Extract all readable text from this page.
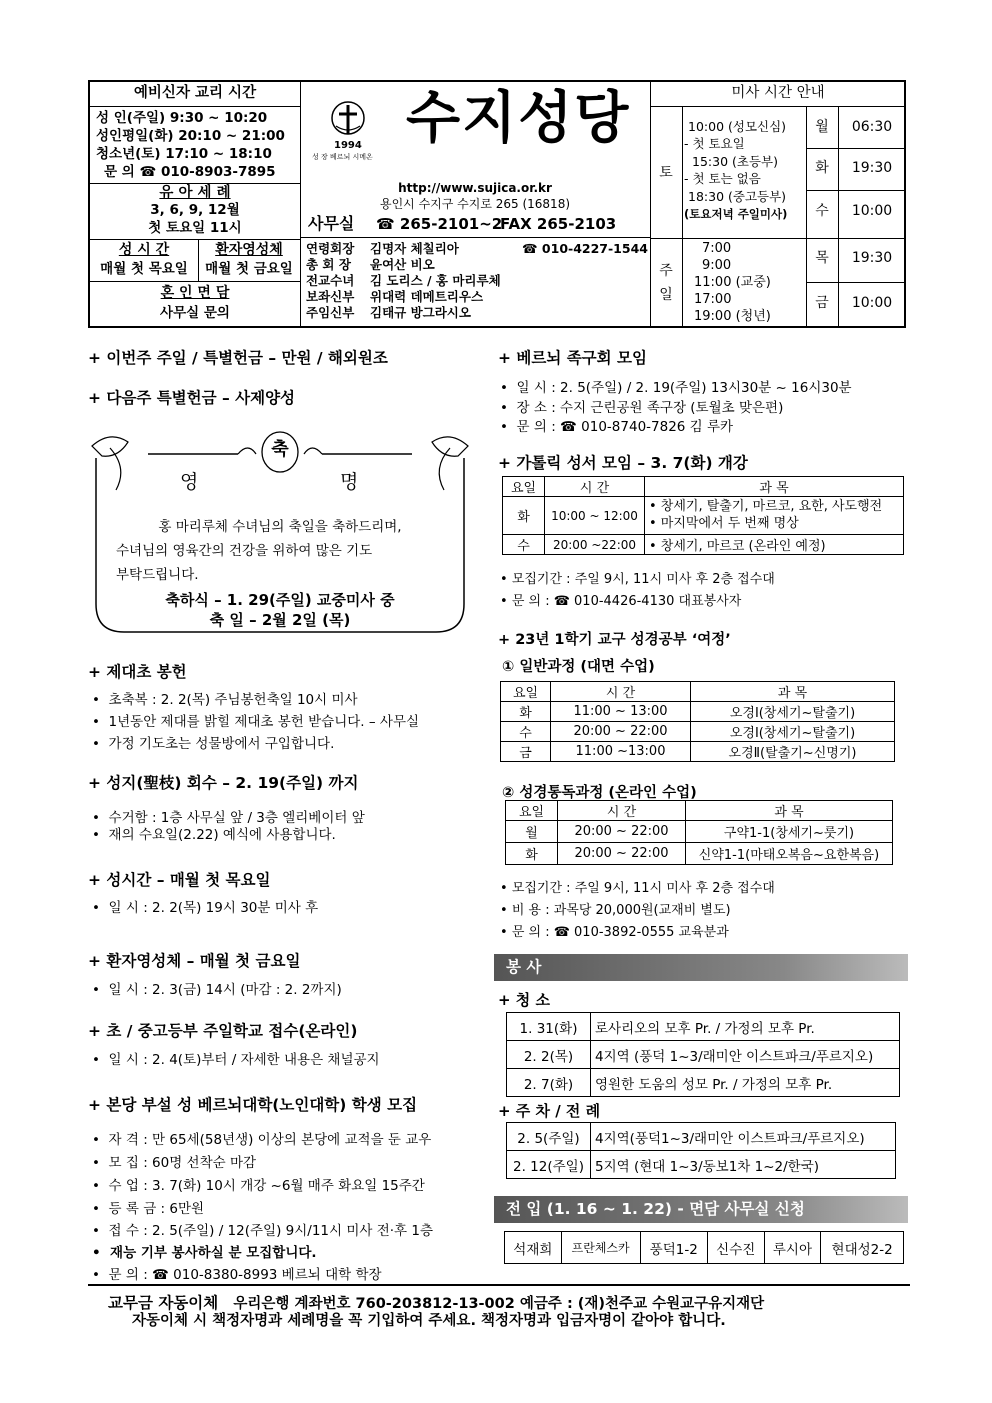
예비신자 교리 시간
성 인(주일) 9:30 ~ 10:20
성인평일(화) 20:10 ~ 21:00
청소년(토) 17:10 ~ 18:10
문 의 ☎ 010-8903-7895
유 아 세 례
3, 6, 9, 12월
첫 토요일 11시
성 시 간
매월 첫 목요일
환자영성체
매월 첫 금요일
혼 인 면 담
사무실 문의
1994
성 장 베르뇌 시메온
수지성당
http://www.sujica.or.kr
용인시 수지구 수지로 265 (16818)
사무실 ☎ 265-2101~2
FAX 265-2103
연령회장 김명자 체칠리아	☎ 010-4227-1544
총 회 장 윤여산 비오
전교수녀 김 도리스 / 홍 마리루체
보좌신부 위대력 데메트리우스
주임신부 김태규 방그라시오
미사 시간 안내
토
10:00 (성모신심)
- 첫 토요일
15:30 (초등부)
- 첫 토는 없음
18:30 (중고등부)
(토요저녁 주일미사)
주
일
7:00
9:00
11:00 (교중)
17:00
19:00 (청년)
월	06:30
화	19:30
수	10:00
목	19:30
금	10:00
+ 이번주 주일 / 특별헌금 – 만원 / 해외원조
+ 다음주 특별헌금 – 사제양성
축
영	명
홍 마리루체 수녀님의 축일을 축하드리며,
수녀님의 영육간의 건강을 위하여 많은 기도
부탁드립니다.
축하식 – 1. 29(주일) 교중미사 중
축 일 – 2월 2일 (목)
+ 제대초 봉헌
•  초축복 : 2. 2(목) 주님봉헌축일 10시 미사
•  1년동안 제대를 밝힐 제대초 봉헌 받습니다. – 사무실
•  가정 기도초는 성물방에서 구입합니다.
+ 성지(聖枝) 회수 – 2. 19(주일) 까지
•  수거함 : 1층 사무실 앞 / 3층 엘리베이터 앞
•  재의 수요일(2.22) 예식에 사용합니다.
+ 성시간 – 매월 첫 목요일
•  일 시 : 2. 2(목) 19시 30분 미사 후
+ 환자영성체 – 매월 첫 금요일
•  일 시 : 2. 3(금) 14시 (마감 : 2. 2까지)
+ 초 / 중고등부 주일학교 접수(온라인)
•  일 시 : 2. 4(토)부터 / 자세한 내용은 채널공지
+ 본당 부설 성 베르뇌대학(노인대학) 학생 모집
•  자 격 : 만 65세(58년생) 이상의 본당에 교적을 둔 교우
•  모 집 : 60명 선착순 마감
•  수 업 : 3. 7(화) 10시 개강 ~6월 매주 화요일 15주간
•  등 록 금 : 6만원
•  접 수 : 2. 5(주일) / 12(주일) 9시/11시 미사 전·후 1층
•  재능 기부 봉사하실 분 모집합니다.
•  문 의 : ☎ 010-8380-8993 베르뇌 대학 학장
+ 베르뇌 족구회 모임
•  일 시 : 2. 5(주일) / 2. 19(주일) 13시30분 ~ 16시30분
•  장 소 : 수지 근린공원 족구장 (토월초 맞은편)
•  문 의 : ☎ 010-8740-7826 김 루카
+ 가톨릭 성서 모임 – 3. 7(화) 개강
요일	시 간	과 목
화	10:00 ~ 12:00	• 창세기, 탈출기, 마르코, 요한, 사도행전
• 마지막에서 두 번째 명상

수	20:00 ~22:00	• 창세기, 마르코 (온라인 예정)
• 모집기간 : 주일 9시, 11시 미사 후 2층 접수대
• 문 의 : ☎ 010-4426-4130 대표봉사자
+ 23년 1학기 교구 성경공부 ‘여정’
① 일반과정 (대면 수업)
요일	시 간	과 목
화	11:00 ~ 13:00	오경Ⅰ(창세기~탈출기)
수	20:00 ~ 22:00	오경Ⅰ(창세기~탈출기)
금	11:00 ~13:00	오경Ⅱ(탈출기~신명기)
② 성경통독과정 (온라인 수업)
요일	시 간	과 목
월	20:00 ~ 22:00	구약1-1(창세기~룻기)
화	20:00 ~ 22:00	신약1-1(마태오복음~요한복음)
• 모집기간 : 주일 9시, 11시 미사 후 2층 접수대
• 비 용 : 과목당 20,000원(교재비 별도)
• 문 의 : ☎ 010-3892-0555 교육분과
봉 사
+ 청 소
1. 31(화)	로사리오의 모후 Pr. / 가정의 모후 Pr.
2. 2(목)	4지역 (풍덕 1~3/래미안 이스트파크/푸르지오)
2. 7(화)	영원한 도움의 성모 Pr. / 가정의 모후 Pr.
+ 주 차 / 전 례
2. 5(주일)	4지역(풍덕1~3/래미안 이스트파크/푸르지오)
2. 12(주일)	5지역 (현대 1~3/동보1차 1~2/한국)
전 입 (1. 16 ~ 1. 22) - 면담 사무실 신청
석재희	프란체스카	풍덕1-2	신수진	루시아	현대성2-2
교무금 자동이체 우리은행 계좌번호 760-203812-13-002 예금주 : (재)천주교 수원교구유지재단
자동이체 시 책정자명과 세례명을 꼭 기입하여 주세요. 책정자명과 입금자명이 같아야 합니다.
